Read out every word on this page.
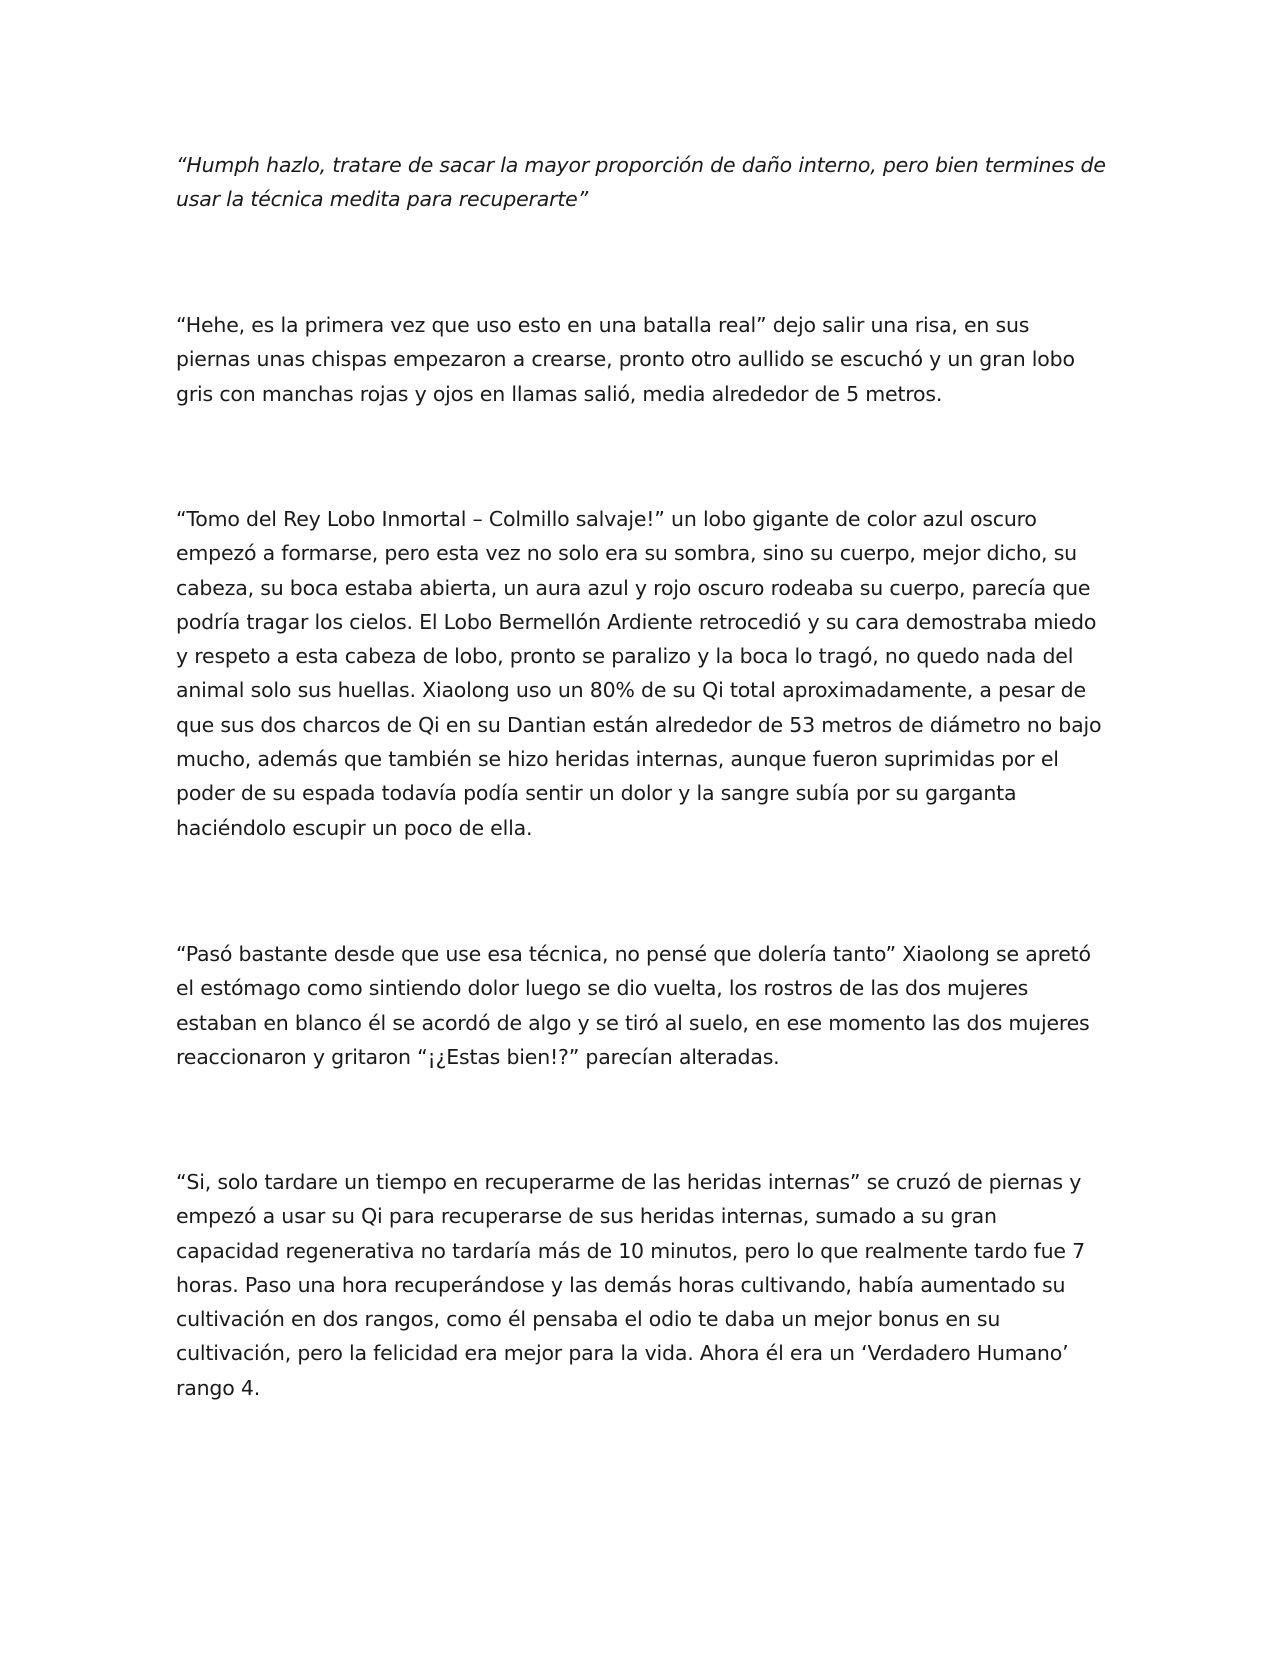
“Humph hazlo, tratare de sacar la mayor proporción de daño interno, pero bien termines de usar la técnica medita para recuperarte”

“Hehe, es la primera vez que uso esto en una batalla real” dejo salir una risa, en sus piernas unas chispas empezaron a crearse, pronto otro aullido se escuchó y un gran lobo gris con manchas rojas y ojos en llamas salió, media alrededor de 5 metros.

“Tomo del Rey Lobo Inmortal – Colmillo salvaje!” un lobo gigante de color azul oscuro empezó a formarse, pero esta vez no solo era su sombra, sino su cuerpo, mejor dicho, su cabeza, su boca estaba abierta, un aura azul y rojo oscuro rodeaba su cuerpo, parecía que podría tragar los cielos. El Lobo Bermellón Ardiente retrocedió y su cara demostraba miedo y respeto a esta cabeza de lobo, pronto se paralizo y la boca lo tragó, no quedo nada del animal solo sus huellas. Xiaolong uso un 80% de su Qi total aproximadamente, a pesar de que sus dos charcos de Qi en su Dantian están alrededor de 53 metros de diámetro no bajo mucho, además que también se hizo heridas internas, aunque fueron suprimidas por el poder de su espada todavía podía sentir un dolor y la sangre subía por su garganta haciéndolo escupir un poco de ella.

“Pasó bastante desde que use esa técnica, no pensé que dolería tanto” Xiaolong se apretó el estómago como sintiendo dolor luego se dio vuelta, los rostros de las dos mujeres estaban en blanco él se acordó de algo y se tiró al suelo, en ese momento las dos mujeres reaccionaron y gritaron “¡¿Estas bien!?” parecían alteradas.

“Si, solo tardare un tiempo en recuperarme de las heridas internas” se cruzó de piernas y empezó a usar su Qi para recuperarse de sus heridas internas, sumado a su gran capacidad regenerativa no tardaría más de 10 minutos, pero lo que realmente tardo fue 7 horas. Paso una hora recuperándose y las demás horas cultivando, había aumentado su cultivación en dos rangos, como él pensaba el odio te daba un mejor bonus en su cultivación, pero la felicidad era mejor para la vida. Ahora él era un ‘Verdadero Humano’ rango 4.
